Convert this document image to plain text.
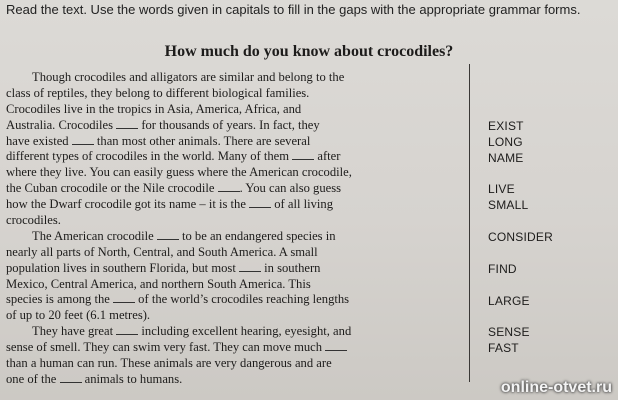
Read the text. Use the words given in capitals to fill in the gaps with the appropriate grammar forms.
How much do you know about crocodiles?
Though crocodiles and alligators are similar and belong to the
class of reptiles, they belong to different biological families.
Crocodiles live in the tropics in Asia, America, Africa, and
Australia. Crocodiles  for thousands of years. In fact, they
have existed  than most other animals. There are several
different types of crocodiles in the world. Many of them  after
where they live. You can easily guess where the American crocodile,
the Cuban crocodile or the Nile crocodile . You can also guess
how the Dwarf crocodile got its name – it is the  of all living
crocodiles.
The American crocodile  to be an endangered species in
nearly all parts of North, Central, and South America. A small
population lives in southern Florida, but most  in southern
Mexico, Central America, and northern South America. This
species is among the  of the world’s crocodiles reaching lengths
of up to 20 feet (6.1 metres).
They have great  including excellent hearing, eyesight, and
sense of smell. They can swim very fast. They can move much
than a human can run. These animals are very dangerous and are
one of the  animals to humans.
EXIST
LONG
NAME
LIVE
SMALL
CONSIDER
FIND
LARGE
SENSE
FAST
online-otvet.ru
